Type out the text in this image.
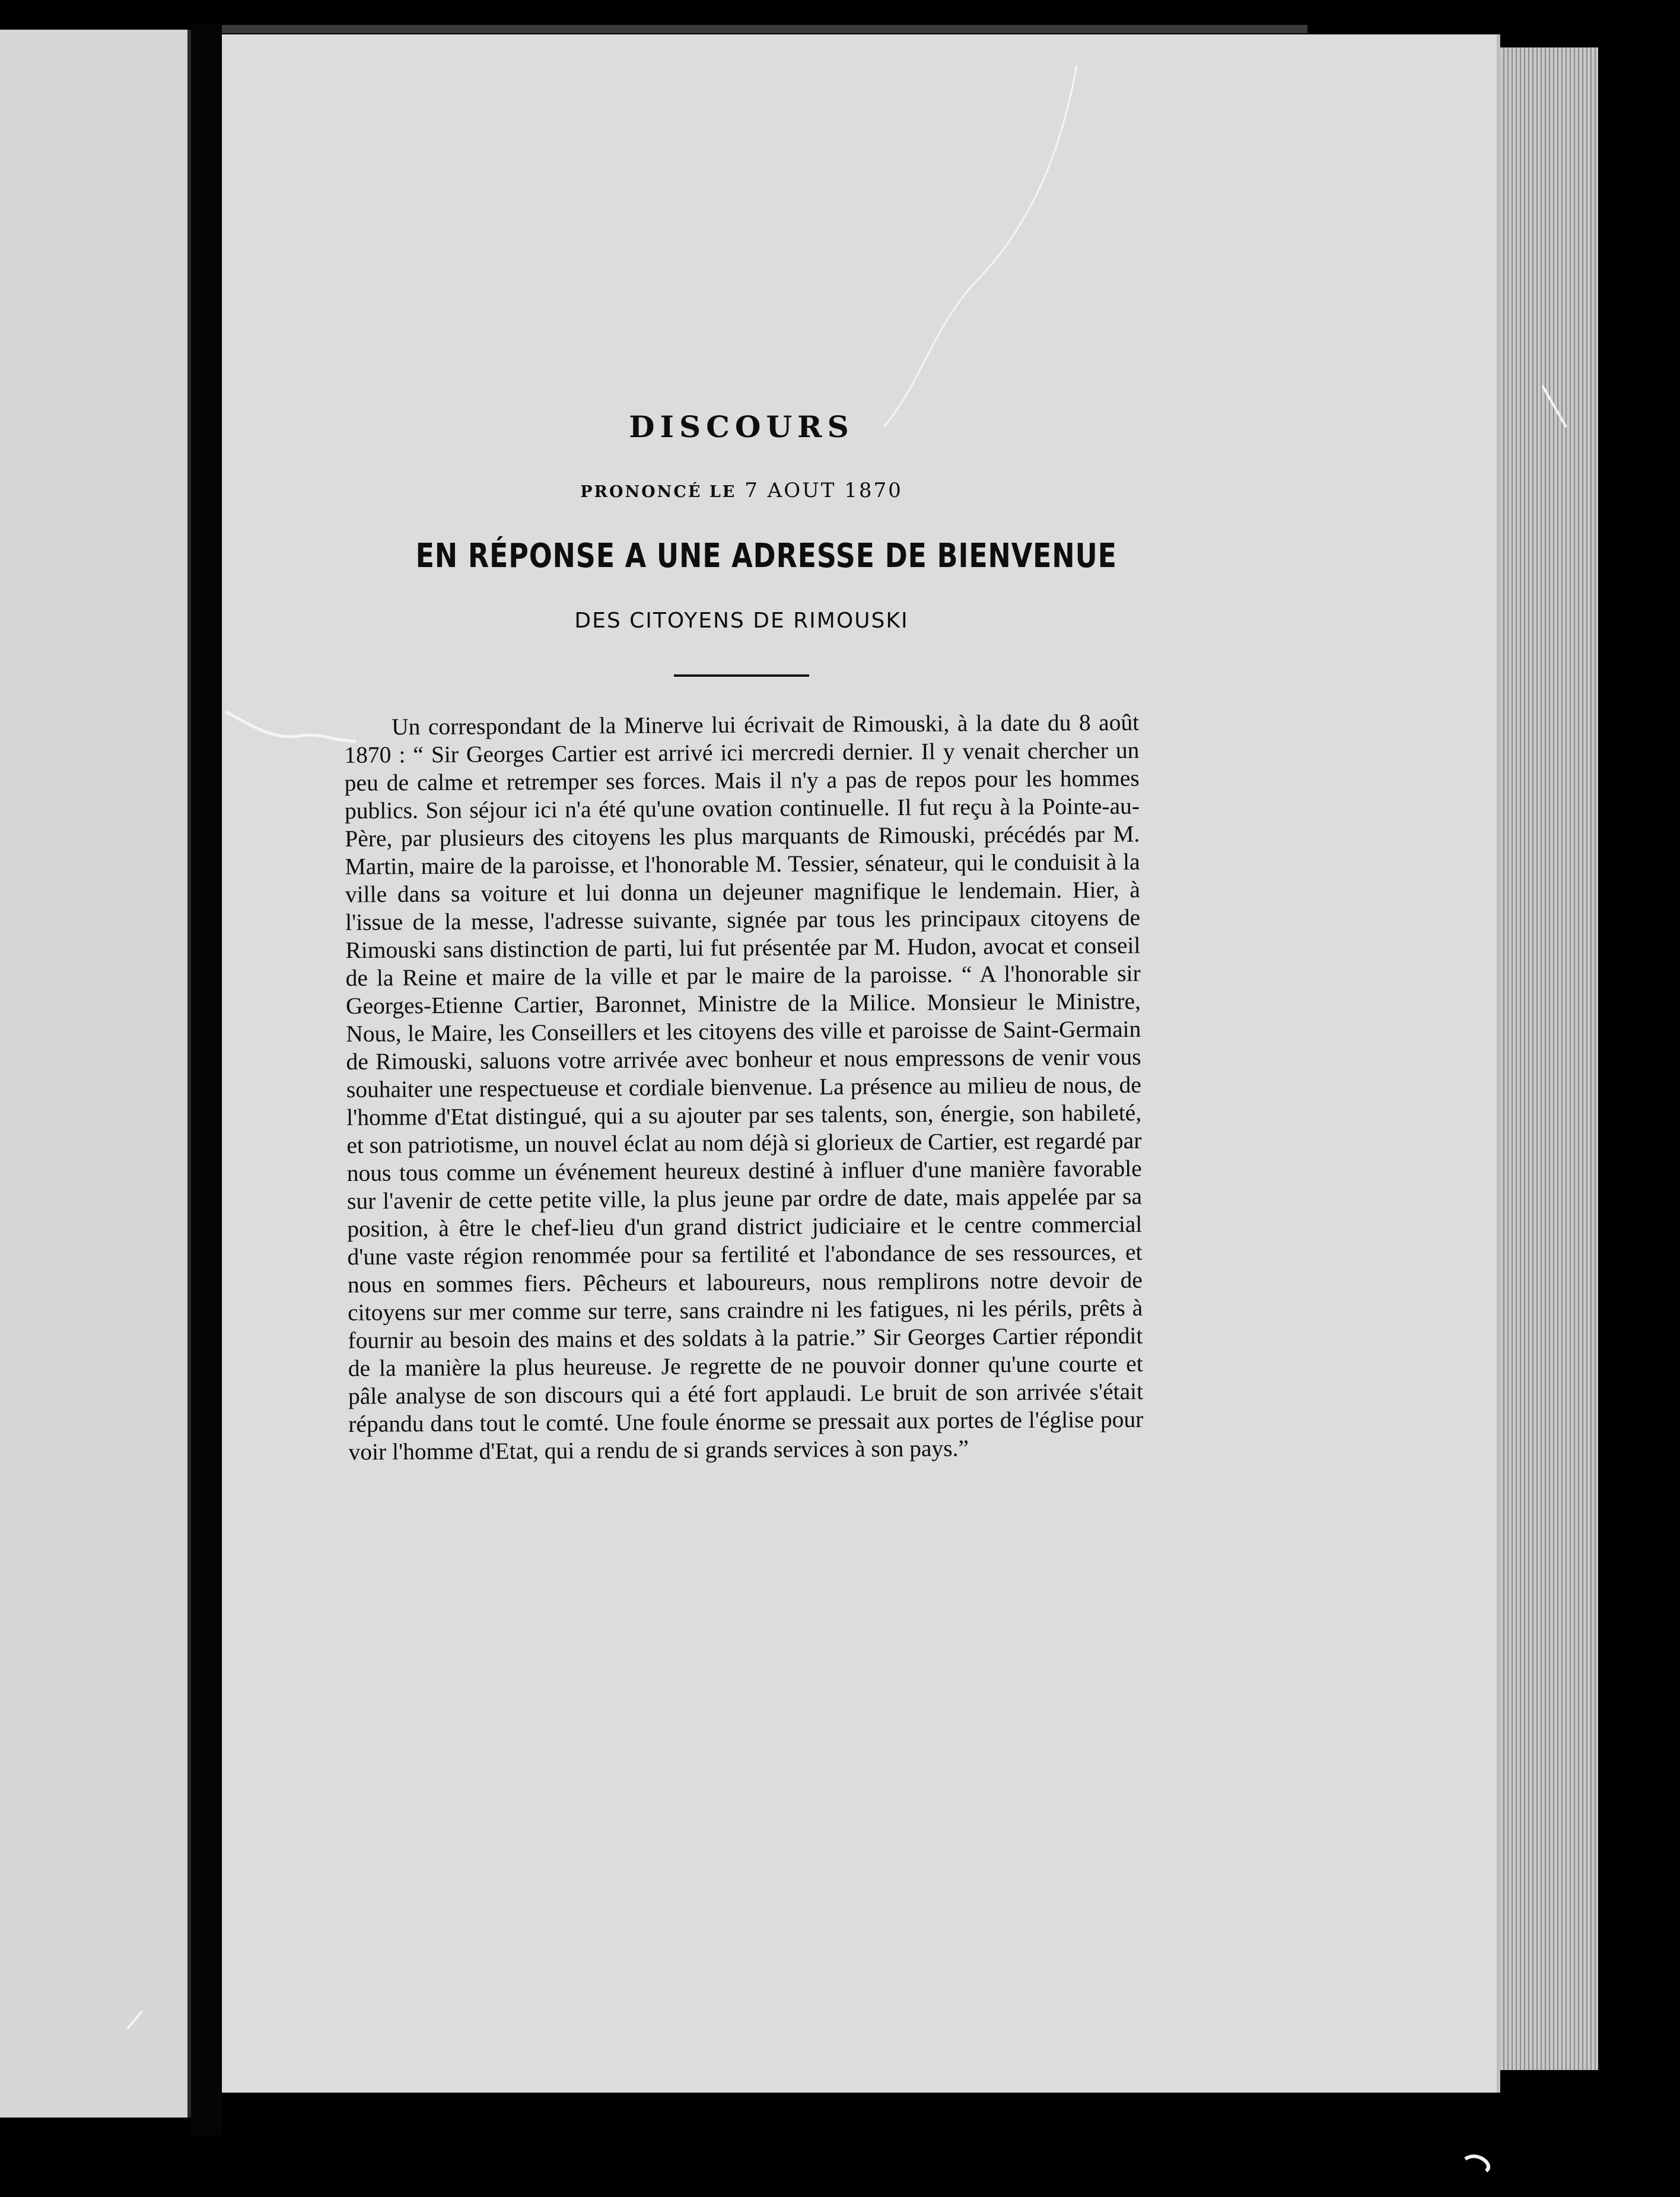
DISCOURS
PRONONCÉ LE 7 AOUT 1870
EN RÉPONSE A UNE ADRESSE DE BIENVENUE
DES CITOYENS DE RIMOUSKI

Un correspondant de la Minerve lui écrivait de Rimouski, à la date du 8 août 1870 : “ Sir Georges Cartier est arrivé ici mercredi dernier. Il y venait chercher un peu de calme et retremper ses forces. Mais il n'y a pas de repos pour les hommes publics. Son séjour ici n'a été qu'une ovation continuelle. Il fut reçu à la Pointe-au-Père, par plusieurs des citoyens les plus marquants de Rimouski, précédés par M. Martin, maire de la paroisse, et l'honorable M. Tessier, sénateur, qui le conduisit à la ville dans sa voiture et lui donna un dejeuner magnifique le lendemain. Hier, à l'issue de la messe, l'adresse suivante, signée par tous les principaux citoyens de Rimouski sans distinction de parti, lui fut présentée par M. Hudon, avocat et conseil de la Reine et maire de la ville et par le maire de la paroisse. “ A l'honorable sir Georges-Etienne Cartier, Baronnet, Ministre de la Milice. Monsieur le Ministre, Nous, le Maire, les Conseillers et les citoyens des ville et paroisse de Saint-Germain de Rimouski, saluons votre arrivée avec bonheur et nous empressons de venir vous souhaiter une respectueuse et cordiale bienvenue. La présence au milieu de nous, de l'homme d'Etat distingué, qui a su ajouter par ses talents, son, énergie, son habileté, et son patriotisme, un nouvel éclat au nom déjà si glorieux de Cartier, est regardé par nous tous comme un événement heureux destiné à influer d'une manière favorable sur l'avenir de cette petite ville, la plus jeune par ordre de date, mais appelée par sa position, à être le chef-lieu d'un grand district judiciaire et le centre commercial d'une vaste région renommée pour sa fertilité et l'abondance de ses ressources, et nous en sommes fiers. Pêcheurs et laboureurs, nous remplirons notre devoir de citoyens sur mer comme sur terre, sans craindre ni les fatigues, ni les périls, prêts à fournir au besoin des mains et des soldats à la patrie.” Sir Georges Cartier répondit de la manière la plus heureuse. Je regrette de ne pouvoir donner qu'une courte et pâle analyse de son discours qui a été fort applaudi. Le bruit de son arrivée s'était répandu dans tout le comté. Une foule énorme se pressait aux portes de l'église pour voir l'homme d'Etat, qui a rendu de si grands services à son pays.”
